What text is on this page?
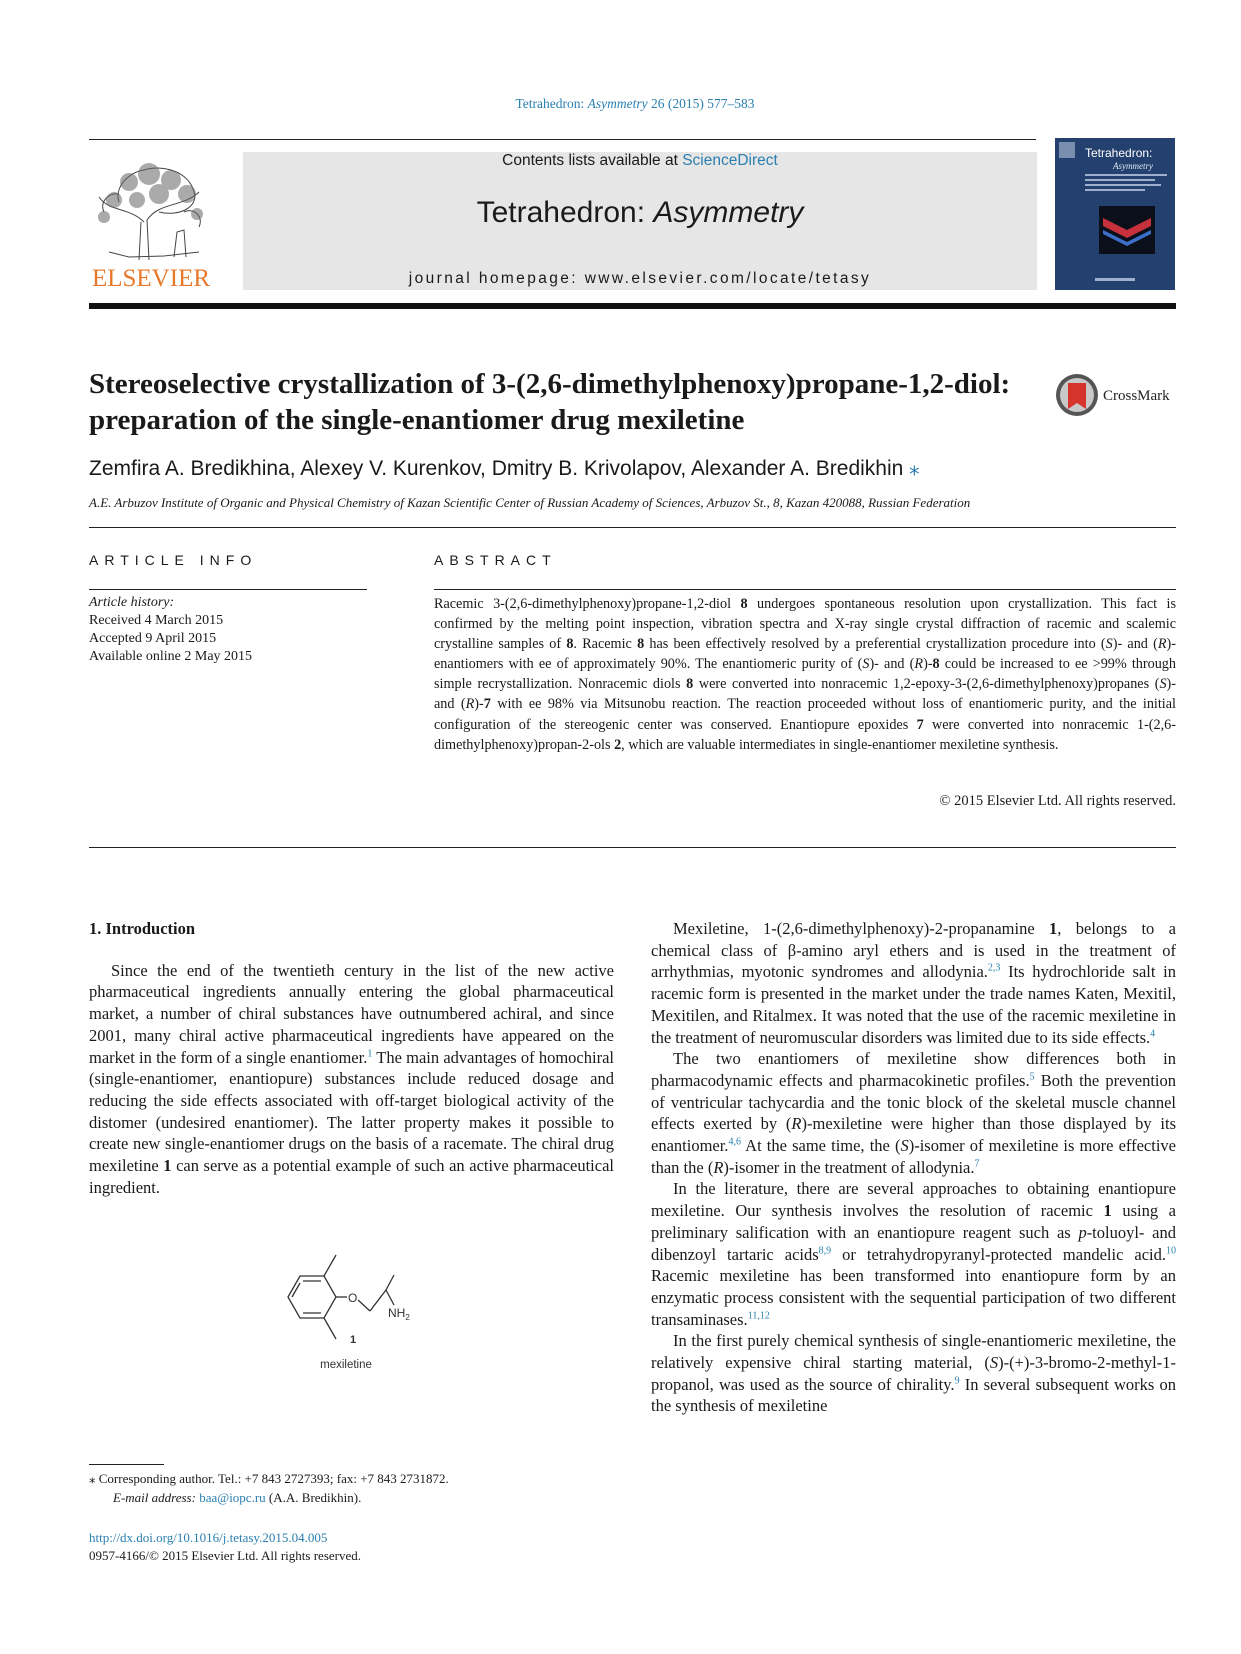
Tetrahedron: Asymmetry 26 (2015) 577–583
ELSEVIER
Contents lists available at ScienceDirect
Tetrahedron: Asymmetry
journal homepage: www.elsevier.com/locate/tetasy
Tetrahedron:
Asymmetry
Stereoselective crystallization of 3-(2,6-dimethylphenoxy)propane-1,2-diol: preparation of the single-enantiomer drug mexiletine
CrossMark
Zemfira A. Bredikhina, Alexey V. Kurenkov, Dmitry B. Krivolapov, Alexander A. Bredikhin ⁎
A.E. Arbuzov Institute of Organic and Physical Chemistry of Kazan Scientific Center of Russian Academy of Sciences, Arbuzov St., 8, Kazan 420088, Russian Federation
ARTICLE INFO	ABSTRACT
Article history:
Received 4 March 2015
Accepted 9 April 2015
Available online 2 May 2015
Racemic 3-(2,6-dimethylphenoxy)propane-1,2-diol 8 undergoes spontaneous resolution upon crystallization. This fact is confirmed by the melting point inspection, vibration spectra and X-ray single crystal diffraction of racemic and scalemic crystalline samples of 8. Racemic 8 has been effectively resolved by a preferential crystallization procedure into (S)- and (R)-enantiomers with ee of approximately 90%. The enantiomeric purity of (S)- and (R)-8 could be increased to ee >99% through simple recrystallization. Nonracemic diols 8 were converted into nonracemic 1,2-epoxy-3-(2,6-dimethylphenoxy)propanes (S)- and (R)-7 with ee 98% via Mitsunobu reaction. The reaction proceeded without loss of enantiomeric purity, and the initial configuration of the stereogenic center was conserved. Enantiopure epoxides 7 were converted into nonracemic 1-(2,6-dimethylphenoxy)propan-2-ols 2, which are valuable intermediates in single-enantiomer mexiletine synthesis.
© 2015 Elsevier Ltd. All rights reserved.

1. Introduction

Since the end of the twentieth century in the list of the new active pharmaceutical ingredients annually entering the global pharmaceutical market, a number of chiral substances have outnumbered achiral, and since 2001, many chiral active pharmaceutical ingredients have appeared on the market in the form of a single enantiomer.$^1$ The main advantages of homochiral (single-enantiomer, enantiopure) substances include reduced dosage and reducing the side effects associated with off-target biological activity of the distomer (undesired enantiomer). The latter property makes it possible to create new single-enantiomer drugs on the basis of a racemate. The chiral drug mexiletine 1 can serve as a potential example of such an active pharmaceutical ingredient.

O
$NH_2$
1
mexiletine

Mexiletine, 1-(2,6-dimethylphenoxy)-2-propanamine 1, belongs to a chemical class of β-amino aryl ethers and is used in the treatment of arrhythmias, myotonic syndromes and allodynia.$^{2,3}$ Its hydrochloride salt in racemic form is presented in the market under the trade names Katen, Mexitil, Mexitilen, and Ritalmex. It was noted that the use of the racemic mexiletine in the treatment of neuromuscular disorders was limited due to its side effects.$^4$

The two enantiomers of mexiletine show differences both in pharmacodynamic effects and pharmacokinetic profiles.$^5$ Both the prevention of ventricular tachycardia and the tonic block of the skeletal muscle channel effects exerted by (R)-mexiletine were higher than those displayed by its enantiomer.$^{4,6}$ At the same time, the (S)-isomer of mexiletine is more effective than the (R)-isomer in the treatment of allodynia.$^7$

In the literature, there are several approaches to obtaining enantiopure mexiletine. Our synthesis involves the resolution of racemic 1 using a preliminary salification with an enantiopure reagent such as p-toluoyl- and dibenzoyl tartaric acids$^{8,9}$ or tetrahydropyranyl-protected mandelic acid.$^{10}$ Racemic mexiletine has been transformed into enantiopure form by an enzymatic process consistent with the sequential participation of two different transaminases.$^{11,12}$

In the first purely chemical synthesis of single-enantiomeric mexiletine, the relatively expensive chiral starting material, (S)-(+)-3-bromo-2-methyl-1-propanol, was used as the source of chirality.$^9$ In several subsequent works on the synthesis of mexiletine

⁎ Corresponding author. Tel.: +7 843 2727393; fax: +7 843 2731872.
E-mail address: baa@iopc.ru (A.A. Bredikhin).
http://dx.doi.org/10.1016/j.tetasy.2015.04.005
0957-4166/© 2015 Elsevier Ltd. All rights reserved.
